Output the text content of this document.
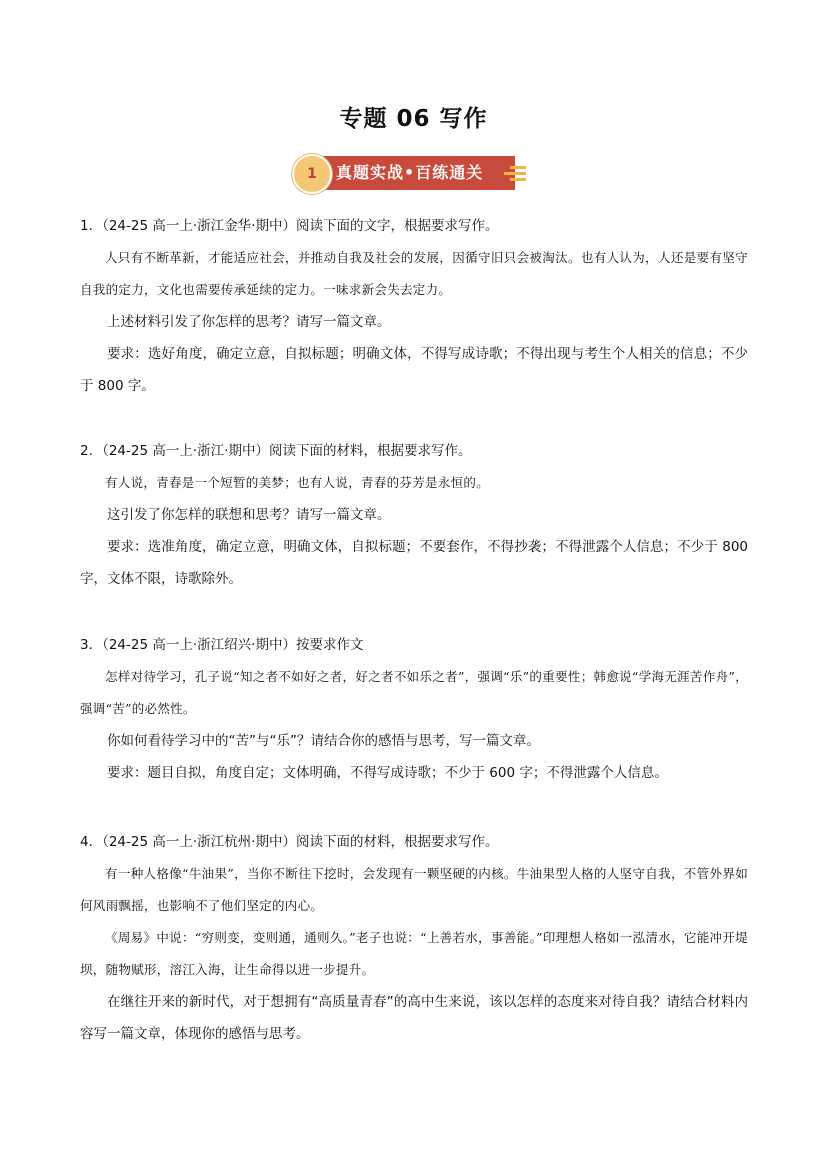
专题 06 写作
1	真题实战•百练通关

1．（24-25 高一上·浙江金华·期中）阅读下面的文字，根据要求写作。

人只有不断革新，才能适应社会，并推动自我及社会的发展，因循守旧只会被淘汰。也有人认为，人还是要有坚守自我的定力，文化也需要传承延续的定力。一味求新会失去定力。

上述材料引发了你怎样的思考？请写一篇文章。

要求：选好角度，确定立意，自拟标题；明确文体，不得写成诗歌；不得出现与考生个人相关的信息；不少于 800 字。

2．（24-25 高一上·浙江·期中）阅读下面的材料，根据要求写作。

有人说，青春是一个短暂的美梦；也有人说，青春的芬芳是永恒的。

这引发了你怎样的联想和思考？请写一篇文章。

要求：选准角度，确定立意，明确文体，自拟标题；不要套作，不得抄袭；不得泄露个人信息；不少于 800 字，文体不限，诗歌除外。

3．（24-25 高一上·浙江绍兴·期中）按要求作文

怎样对待学习，孔子说“知之者不如好之者，好之者不如乐之者”，强调“乐”的重要性；韩愈说“学海无涯苦作舟”，强调“苦”的必然性。

你如何看待学习中的“苦”与“乐”？请结合你的感悟与思考，写一篇文章。

要求：题目自拟，角度自定；文体明确，不得写成诗歌；不少于 600 字；不得泄露个人信息。

4．（24-25 高一上·浙江杭州·期中）阅读下面的材料，根据要求写作。

有一种人格像“牛油果”，当你不断往下挖时，会发现有一颗坚硬的内核。牛油果型人格的人坚守自我，不管外界如何风雨飘摇，也影响不了他们坚定的内心。

《周易》中说：“穷则变，变则通，通则久。”老子也说：“上善若水，事善能。”印理想人格如一泓清水，它能冲开堤坝，随物赋形，溶江入海，让生命得以进一步提升。

在继往开来的新时代，对于想拥有“高质量青春”的高中生来说，该以怎样的态度来对待自我？请结合材料内容写一篇文章，体现你的感悟与思考。
